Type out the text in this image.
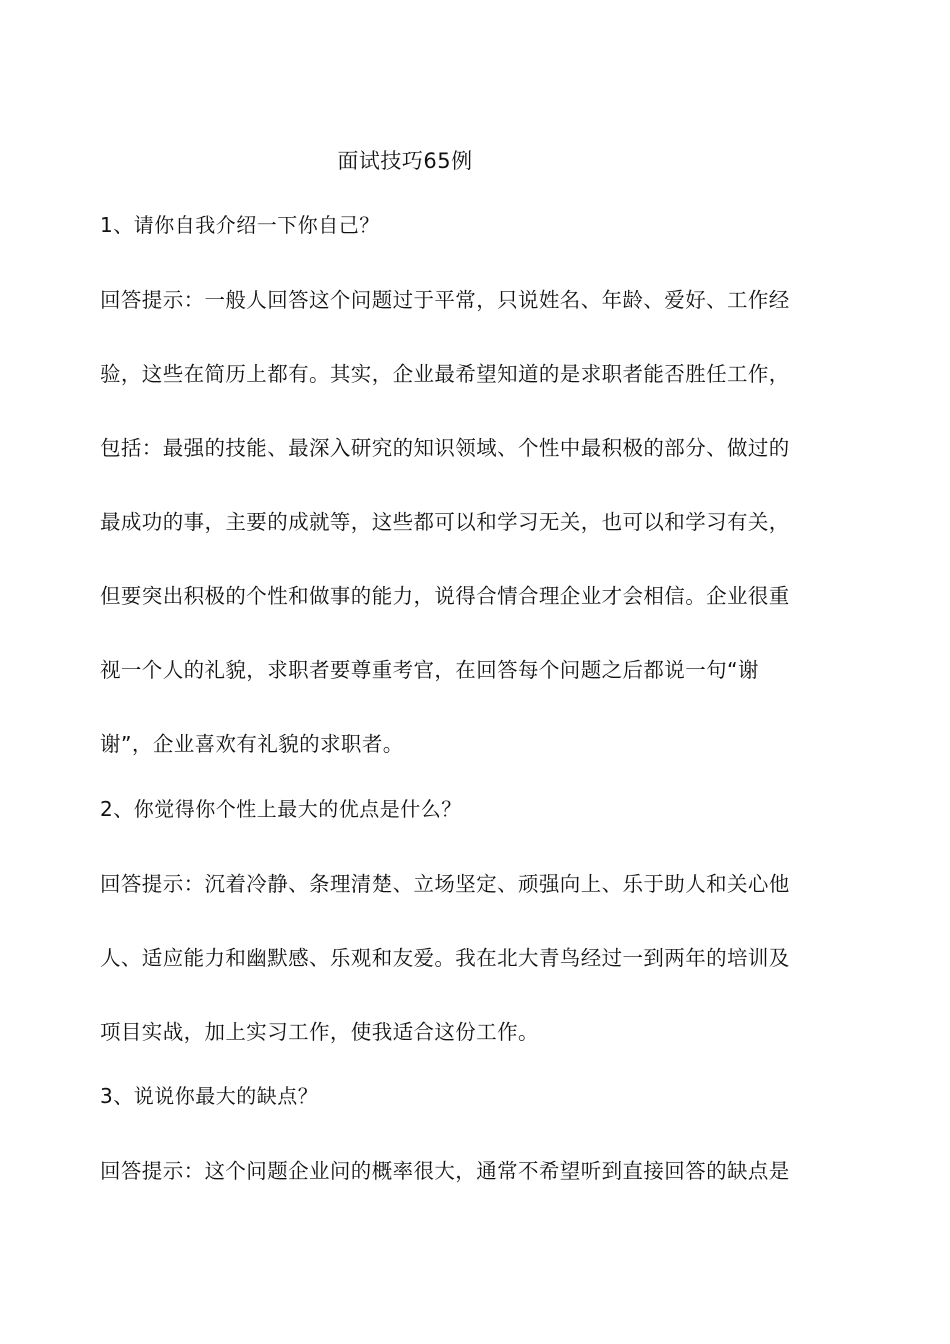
面试技巧65例
1、请你自我介绍一下你自己？
回答提示：一般人回答这个问题过于平常，只说姓名、年龄、爱好、工作经
验，这些在简历上都有。其实，企业最希望知道的是求职者能否胜任工作，
包括：最强的技能、最深入研究的知识领域、个性中最积极的部分、做过的
最成功的事，主要的成就等，这些都可以和学习无关，也可以和学习有关，
但要突出积极的个性和做事的能力，说得合情合理企业才会相信。企业很重
视一个人的礼貌，求职者要尊重考官，在回答每个问题之后都说一句“谢
谢”，企业喜欢有礼貌的求职者。
2、你觉得你个性上最大的优点是什么？
回答提示：沉着冷静、条理清楚、立场坚定、顽强向上、乐于助人和关心他
人、适应能力和幽默感、乐观和友爱。我在北大青鸟经过一到两年的培训及
项目实战，加上实习工作，使我适合这份工作。
3、说说你最大的缺点？
回答提示：这个问题企业问的概率很大，通常不希望听到直接回答的缺点是
